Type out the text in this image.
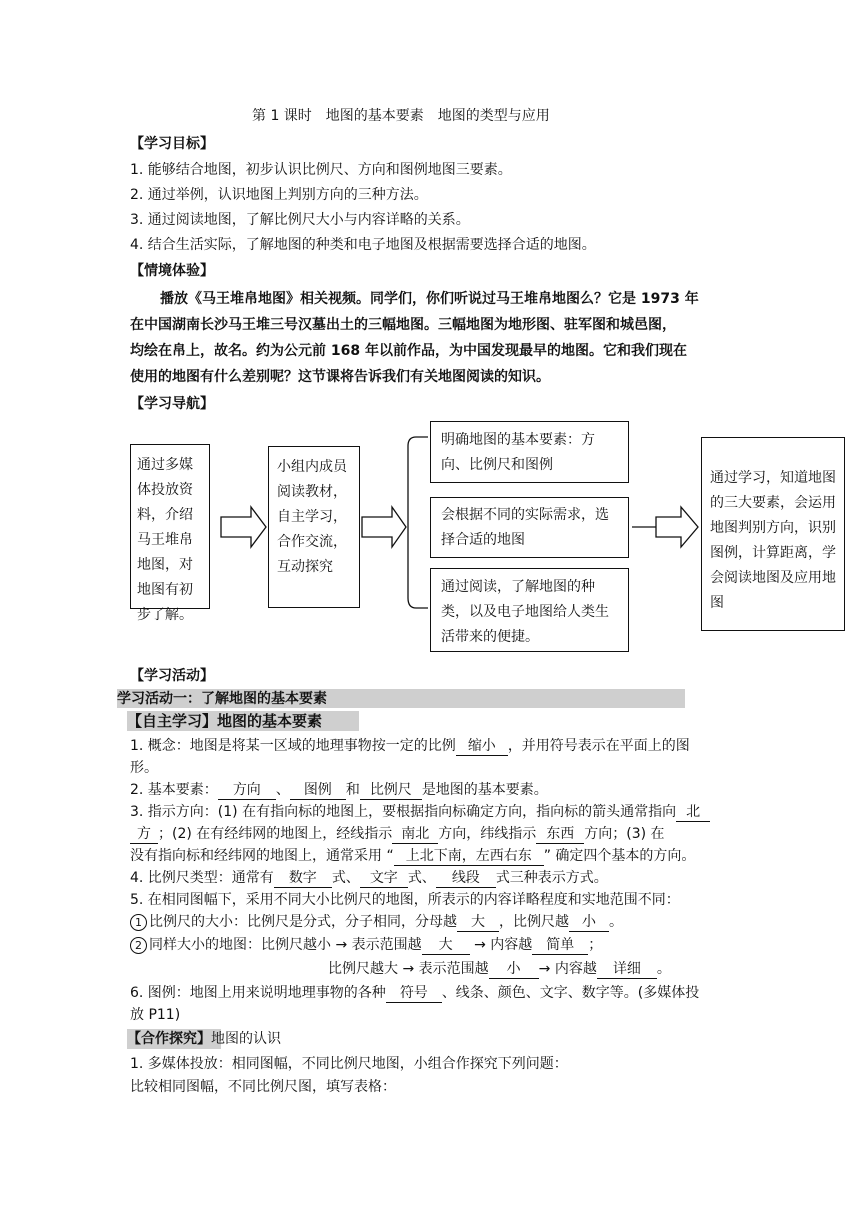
第 1 课时　地图的基本要素　地图的类型与应用
【学习目标】
1. 能够结合地图，初步认识比例尺、方向和图例地图三要素。
2. 通过举例，认识地图上判别方向的三种方法。
3. 通过阅读地图，了解比例尺大小与内容详略的关系。
4. 结合生活实际，了解地图的种类和电子地图及根据需要选择合适的地图。
【情境体验】
播放《马王堆帛地图》相关视频。同学们，你们听说过马王堆帛地图么？它是 1973 年
在中国湖南长沙马王堆三号汉墓出土的三幅地图。三幅地图为地形图、驻军图和城邑图，
均绘在帛上，故名。约为公元前 168 年以前作品，为中国发现最早的地图。它和我们现在
使用的地图有什么差别呢？这节课将告诉我们有关地图阅读的知识。
【学习导航】
通过多媒体投放资料，介绍马王堆帛地图，对地图有初步了解。
小组内成员阅读教材，自主学习，合作交流，互动探究
明确地图的基本要素：方向、比例尺和图例
会根据不同的实际需求，选择合适的地图
通过阅读，了解地图的种类，以及电子地图给人类生活带来的便捷。
通过学习，知道地图的三大要素，会运用地图判别方向，识别图例，计算距离，学会阅读地图及应用地图
【学习活动】
学习活动一：了解地图的基本要素
【自主学习】地图的基本要素
1. 概念：地图是将某一区域的地理事物按一定的比例 缩小 ，并用符号表示在平面上的图
形。
2. 基本要素： 方向 、 图例 和 比例尺 是地图的基本要素。
3. 指示方向：(1) 在有指向标的地图上，要根据指向标确定方向，指向标的箭头通常指向 北
方 ；(2) 在有经纬网的地图上，经线指示 南北 方向，纬线指示 东西 方向；(3) 在
没有指向标和经纬网的地图上，通常采用 “ 上北下南，左西右东 ” 确定四个基本的方向。
4. 比例尺类型：通常有 数字 式、 文字 式、 线段 式三种表示方式。
5. 在相同图幅下，采用不同大小比例尺的地图，所表示的内容详略程度和实地范围不同：
1 比例尺的大小：比例尺是分式，分子相同，分母越 大 ，比例尺越 小 。
2 同样大小的地图：比例尺越小 → 表示范围越 大 → 内容越 简单 ；
比例尺越大 → 表示范围越 小 → 内容越 详细 。
6. 图例：地图上用来说明地理事物的各种 符号 、线条、颜色、文字、数字等。(多媒体投
放 P11)
【合作探究】地图的认识
1. 多媒体投放：相同图幅，不同比例尺地图，小组合作探究下列问题：
比较相同图幅，不同比例尺图，填写表格：
